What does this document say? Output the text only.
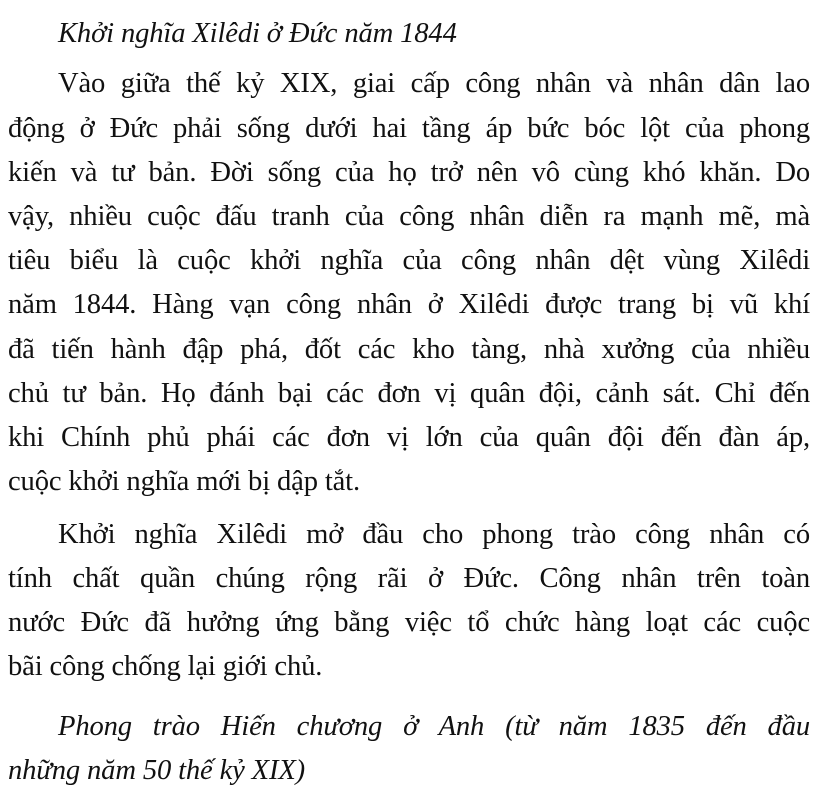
Khởi nghĩa Xilêdi ở Đức năm 1844
Vào giữa thế kỷ XIX, giai cấp công nhân và nhân dân lao
động ở Đức phải sống dưới hai tầng áp bức bóc lột của phong
kiến và tư bản. Đời sống của họ trở nên vô cùng khó khăn. Do
vậy, nhiều cuộc đấu tranh của công nhân diễn ra mạnh mẽ, mà
tiêu biểu là cuộc khởi nghĩa của công nhân dệt vùng Xilêdi
năm 1844. Hàng vạn công nhân ở Xilêdi được trang bị vũ khí
đã tiến hành đập phá, đốt các kho tàng, nhà xưởng của nhiều
chủ tư bản. Họ đánh bại các đơn vị quân đội, cảnh sát. Chỉ đến
khi Chính phủ phái các đơn vị lớn của quân đội đến đàn áp,
cuộc khởi nghĩa mới bị dập tắt.
Khởi nghĩa Xilêdi mở đầu cho phong trào công nhân có
tính chất quần chúng rộng rãi ở Đức. Công nhân trên toàn
nước Đức đã hưởng ứng bằng việc tổ chức hàng loạt các cuộc
bãi công chống lại giới chủ.
Phong trào Hiến chương ở Anh (từ năm 1835 đến đầu
những năm 50 thế kỷ XIX)
